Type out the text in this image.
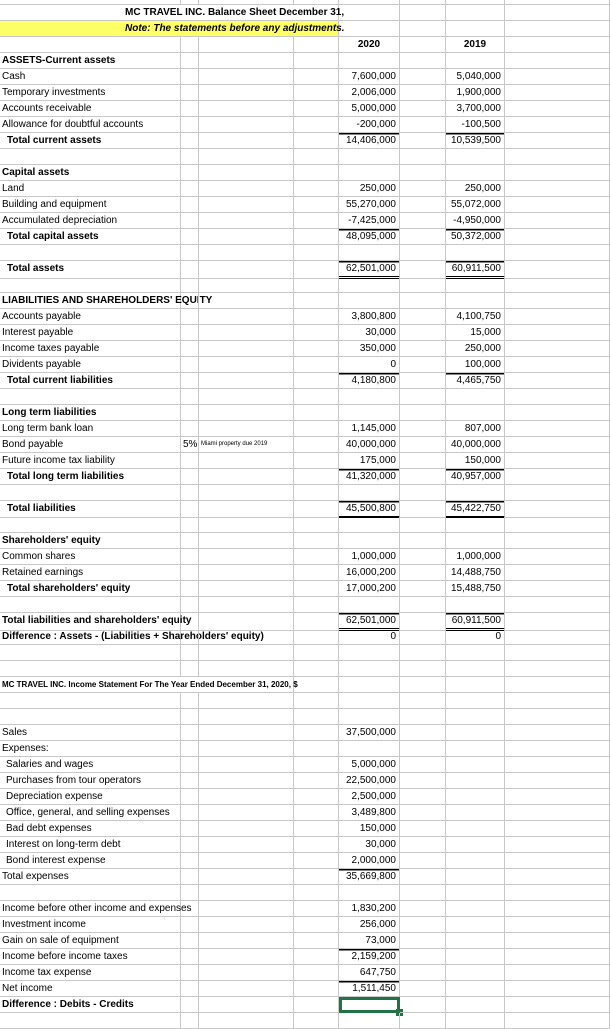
MC TRAVEL INC. Balance Sheet December 31,
Note: The statements before any adjustments.
2020	2019
ASSETS-Current assets
Cash	7,600,000	5,040,000
Temporary investments	2,006,000	1,900,000
Accounts receivable	5,000,000	3,700,000
Allowance for doubtful accounts	-200,000	-100,500
Total current assets	14,406,000	10,539,500
Capital assets
Land	250,000	250,000
Building and equipment	55,270,000	55,072,000
Accumulated depreciation	-7,425,000	-4,950,000
Total capital assets	48,095,000	50,372,000
Total assets	62,501,000	60,911,500
LIABILITIES AND SHAREHOLDERS' EQUITY
Accounts payable	3,800,800	4,100,750
Interest payable	30,000	15,000
Income taxes payable	350,000	250,000
Dividents payable	0	100,000
Total current liabilities	4,180,800	4,465,750
Long term liabilities
Long term bank loan	1,145,000	807,000
Bond payable	5% Miami property due 2019	40,000,000	40,000,000
Future income tax liability	175,000	150,000
Total long term liabilities	41,320,000	40,957,000
Total liabilities	45,500,800	45,422,750
Shareholders' equity
Common shares	1,000,000	1,000,000
Retained earnings	16,000,200	14,488,750
Total shareholders' equity	17,000,200	15,488,750
Total liabilities and shareholders' equity	62,501,000	60,911,500
Difference : Assets - (Liabilities + Shareholders' equity)	0	0
MC TRAVEL INC. Income Statement For The Year Ended December 31, 2020, $
Sales	37,500,000
Expenses:
Salaries and wages	5,000,000
Purchases from tour operators	22,500,000
Depreciation expense	2,500,000
Office, general, and selling expenses	3,489,800
Bad debt expenses	150,000
Interest on long-term debt	30,000
Bond interest expense	2,000,000
Total expenses	35,669,800
Income before other income and expenses	1,830,200
Investment income	256,000
Gain on sale of equipment	73,000
Income before income taxes	2,159,200
Income tax expense	647,750
Net income	1,511,450
Difference : Debits - Credits
